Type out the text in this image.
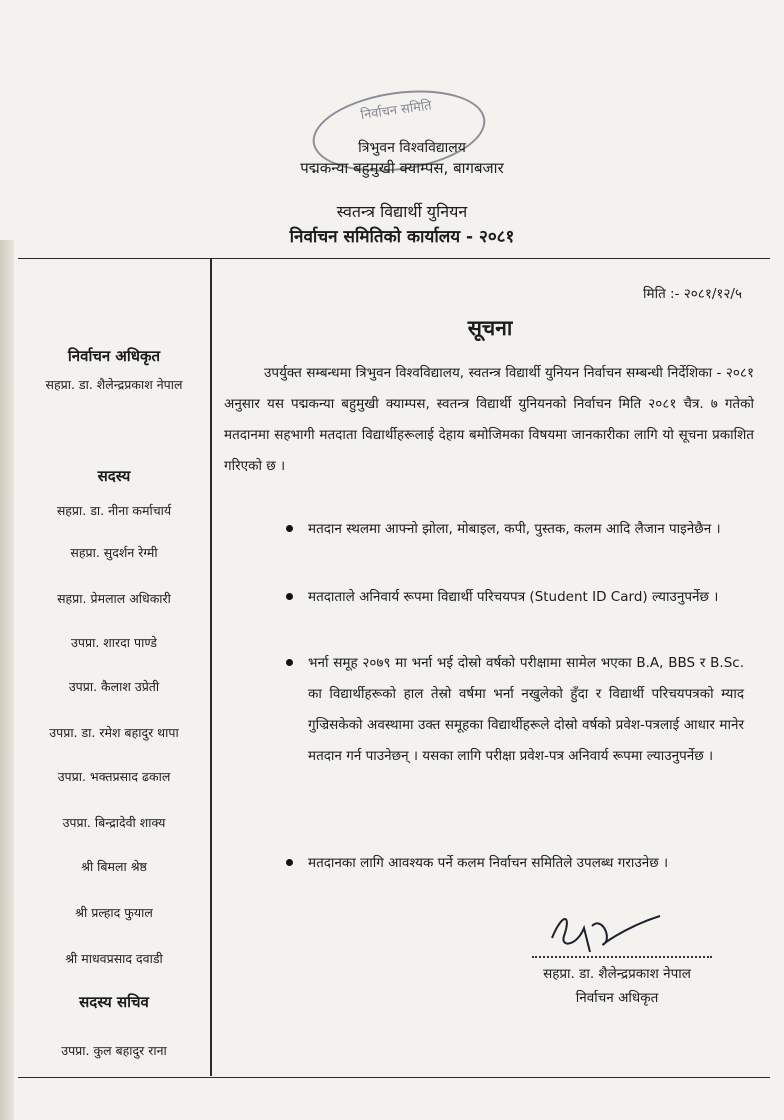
निर्वाचन समिति
त्रिभुवन विश्वविद्यालय
पद्मकन्या बहुमुखी क्याम्पस, बागबजार
स्वतन्त्र विद्यार्थी युनियन
निर्वाचन समितिको कार्यालय - २०८१
निर्वाचन अधिकृत
सहप्रा. डा. शैलेन्द्रप्रकाश नेपाल
सदस्य
सहप्रा. डा. नीना कर्माचार्य
सहप्रा. सुदर्शन रेग्मी
सहप्रा. प्रेमलाल अधिकारी
उपप्रा. शारदा पाण्डे
उपप्रा. कैलाश उप्रेती
उपप्रा. डा. रमेश बहादुर थापा
उपप्रा. भक्तप्रसाद ढकाल
उपप्रा. बिन्द्रादेवी शाक्य
श्री बिमला श्रेष्ठ
श्री प्रल्हाद फुयाल
श्री माधवप्रसाद दवाडी
सदस्य सचिव
उपप्रा. कुल बहादुर राना
मिति :- २०८१/१२/५
सूचना

उपर्युक्त सम्बन्धमा त्रिभुवन विश्वविद्यालय, स्वतन्त्र विद्यार्थी युनियन निर्वाचन सम्बन्धी निर्देशिका - २०८१ अनुसार यस पद्मकन्या बहुमुखी क्याम्पस, स्वतन्त्र विद्यार्थी युनियनको निर्वाचन मिति २०८१ चैत्र. ७ गतेको मतदानमा सहभागी मतदाता विद्यार्थीहरूलाई देहाय बमोजिमका विषयमा जानकारीका लागि यो सूचना प्रकाशित गरिएको छ ।

मतदान स्थलमा आफ्नो झोला, मोबाइल, कपी, पुस्तक, कलम आदि लैजान पाइनेछैन ।
मतदाताले अनिवार्य रूपमा विद्यार्थी परिचयपत्र (Student ID Card) ल्याउनुपर्नेछ ।
भर्ना समूह २०७९ मा भर्ना भई दोस्रो वर्षको परीक्षामा सामेल भएका B.A, BBS र B.Sc. का विद्यार्थीहरूको हाल तेस्रो वर्षमा भर्ना नखुलेको हुँदा र विद्यार्थी परिचयपत्रको म्याद गुज्रिसकेको अवस्थामा उक्त समूहका विद्यार्थीहरूले दोस्रो वर्षको प्रवेश-पत्रलाई आधार मानेर मतदान गर्न पाउनेछन् । यसका लागि परीक्षा प्रवेश-पत्र अनिवार्य रूपमा ल्याउनुपर्नेछ ।
मतदानका लागि आवश्यक पर्ने कलम निर्वाचन समितिले उपलब्ध गराउनेछ ।
सहप्रा. डा. शैलेन्द्रप्रकाश नेपाल
निर्वाचन अधिकृत
